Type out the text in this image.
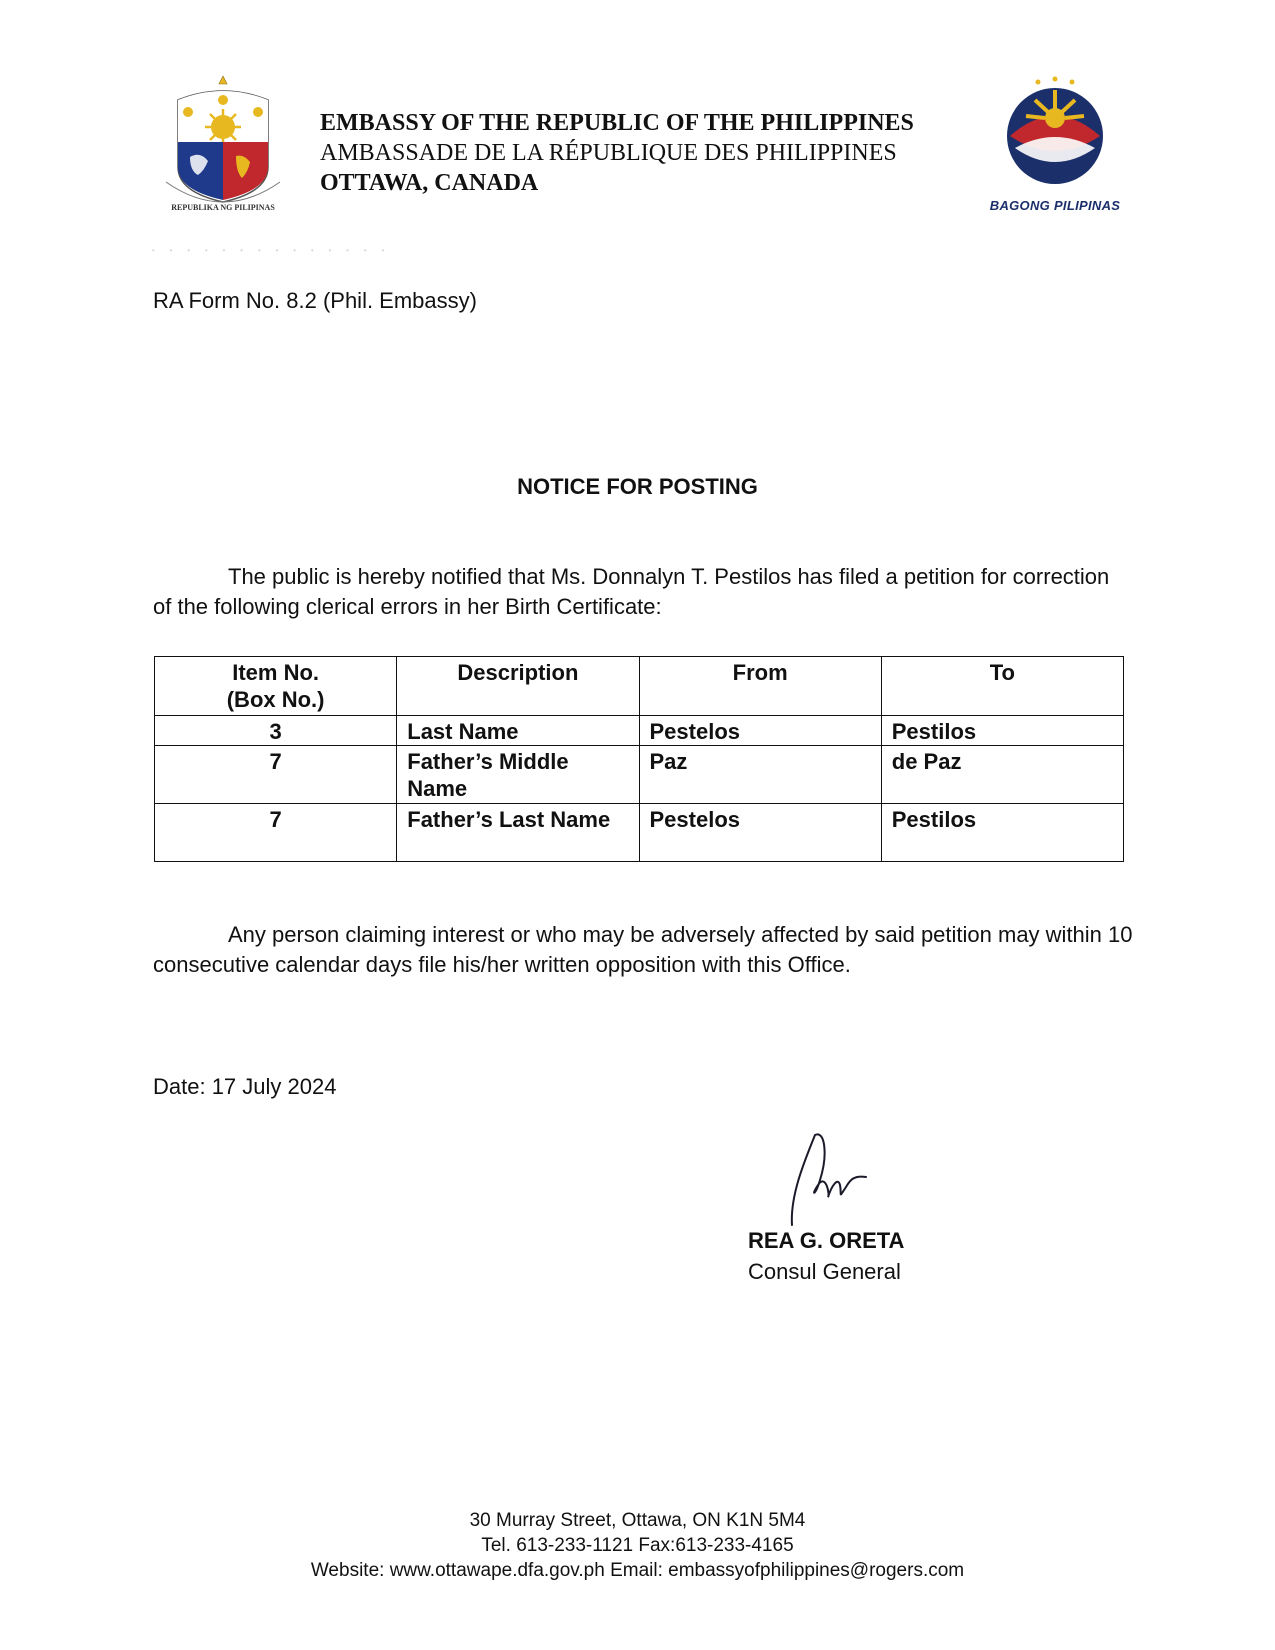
REPUBLIKA NG PILIPINAS
EMBASSY OF THE REPUBLIC OF THE PHILIPPINES
AMBASSADE DE LA RÉPUBLIQUE DES PHILIPPINES
OTTAWA, CANADA
BAGONG PILIPINAS
· · · · · · · · · · · · · ·
RA Form No. 8.2 (Phil. Embassy)
NOTICE FOR POSTING
The public is hereby notified that Ms. Donnalyn T. Pestilos has filed a petition for correction of the following clerical errors in her Birth Certificate:
Item No.
(Box No.)	Description	From	To
3	Last Name	Pestelos	Pestilos
7	Father’s Middle Name	Paz	de Paz
7	Father’s Last Name	Pestelos	Pestilos
Any person claiming interest or who may be adversely affected by said petition may within 10 consecutive calendar days file his/her written opposition with this Office.
Date: 17 July 2024
REA G. ORETA
Consul General
30 Murray Street, Ottawa, ON K1N 5M4
Tel. 613-233-1121 Fax:613-233-4165
Website: www.ottawape.dfa.gov.ph Email: embassyofphilippines@rogers.com
